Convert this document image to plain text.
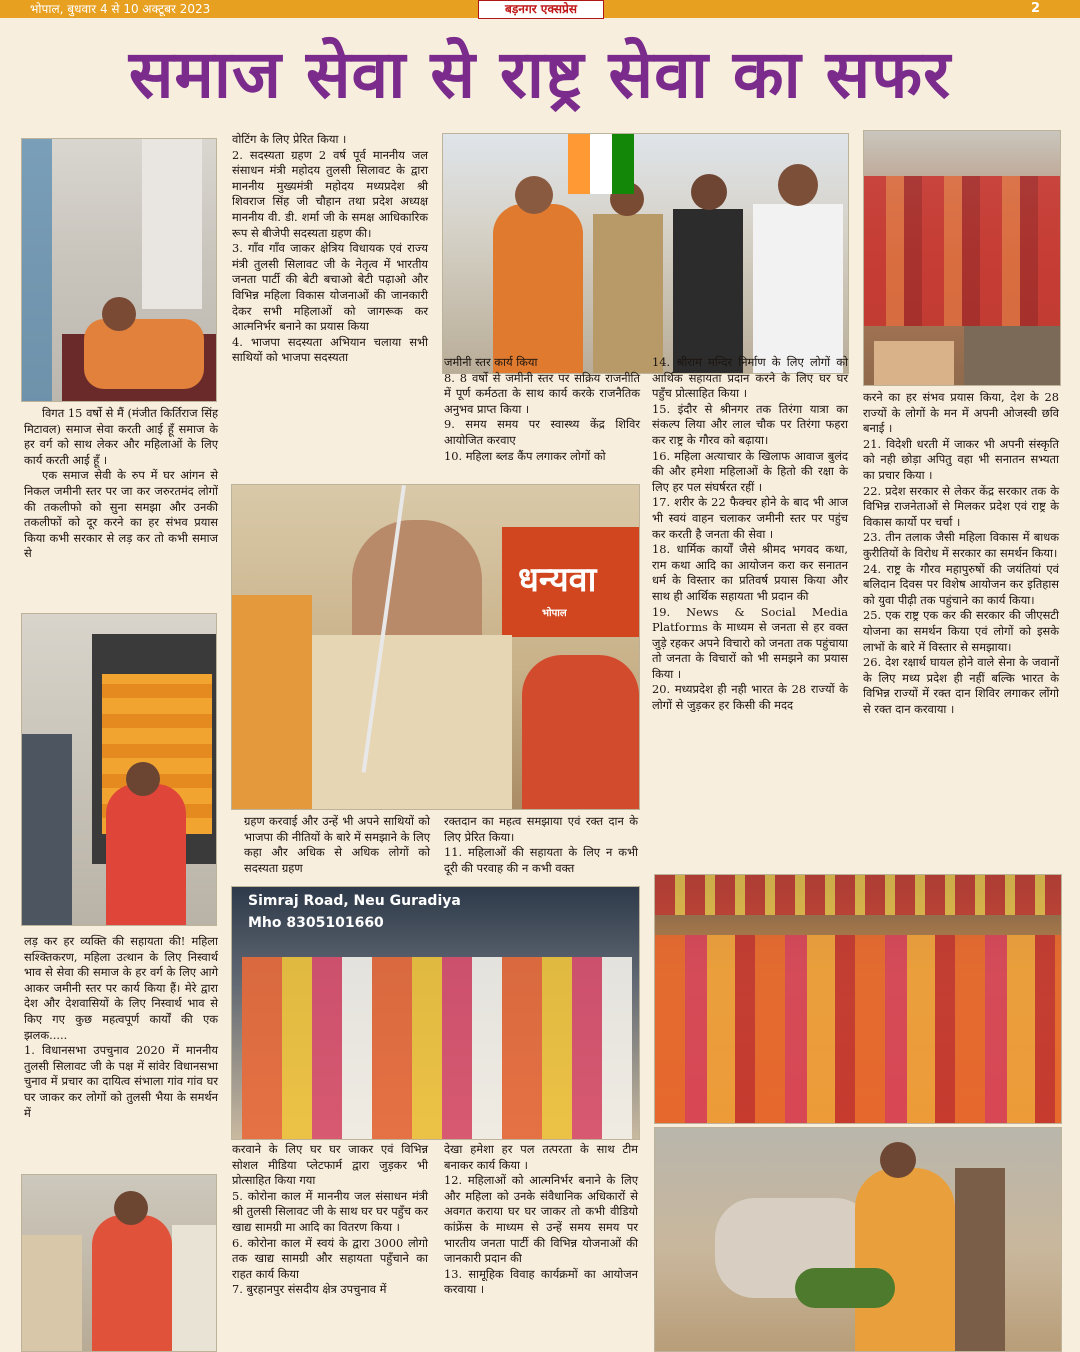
भोपाल, बुधवार 4 से 10 अक्टूबर 2023	बड़नगर एक्सप्रेस	2
समाज सेवा से राष्ट्र सेवा का सफर
धन्यवा
भोपाल
Simraj Road, Neu Guradiya
Mho 8305101660

विगत 15 वर्षो से मैं (मंजीत किर्तिराज सिंह मिटावल) समाज सेवा करती आई हूँ समाज के हर वर्ग को साथ लेकर और महिलाओं के लिए कार्य करती आई हूँ ।

एक समाज सेवी के रुप में घर आंगन से निकल जमीनी स्तर पर जा कर जरुरतमंद लोगों की तकलीफो को सुना समझा और उनकी तकलीफों को दूर करने का हर संभव प्रयास किया कभी सरकार से लड़ कर तो कभी समाज से

लड़ कर हर व्यक्ति की सहायता की! महिला सश्क्तिकरण, महिला उत्थान के लिए निस्वार्थ भाव से सेवा की समाज के हर वर्ग के लिए आगे आकर जमीनी स्तर पर कार्य किया हैं। मेरे द्वारा देश और देशवासियों के लिए निस्वार्थ भाव से किए गए कुछ महत्वपूर्ण कार्यों की एक झलक.....

1. विधानसभा उपचुनाव 2020 में माननीय तुलसी सिलावट जी के पक्ष में सांवेर विधानसभा चुनाव में प्रचार का दायित्व संभाला गांव गांव घर घर जाकर कर लोगों को तुलसी भैया के समर्थन में

वोटिंग के लिए प्रेरित किया ।

2. सदस्यता ग्रहण 2 वर्ष पूर्व माननीय जल संसाधन मंत्री महोदय तुलसी सिलावट के द्वारा माननीय मुख्यमंत्री महोदय मध्यप्रदेश श्री शिवराज सिंह जी चौहान तथा प्रदेश अध्यक्ष माननीय वी. डी. शर्मा जी के समक्ष आधिकारिक रूप से बीजेपी सदस्यता ग्रहण की।

3. गाँव गाँव जाकर क्षेत्रिय विधायक एवं राज्य मंत्री तुलसी सिलावट जी के नेतृत्व में भारतीय जनता पार्टी की बेटी बचाओ बेटी पढ़ाओ और विभिन्न महिला विकास योजनाओं की जानकारी देकर सभी महिलाओं को जागरूक कर आत्मनिर्भर बनाने का प्रयास किया

4. भाजपा सदस्यता अभियान चलाया सभी साथियों को भाजपा सदस्यता	जमीनी स्तर कार्य किया

8. 8 वर्षो से जमीनी स्तर पर सक्रिय राजनीति में पूर्ण कर्मठता के साथ कार्य करके राजनैतिक अनुभव प्राप्त किया ।

9. समय समय पर स्वास्थ्य केंद्र शिविर आयोजित करवाए

10. महिला ब्लड कैंप लगाकर लोगों को

14. श्रीराम मन्दिर निर्माण के लिए लोगों को आर्थिक सहायता प्रदान करने के लिए घर घर पहुँच प्रोत्साहित किया ।

15. इंदौर से श्रीनगर तक तिरंगा यात्रा का संकल्प लिया और लाल चौक पर तिरंगा फहरा कर राष्ट्र के गौरव को बढ़ाया।

16. महिला अत्याचार के खिलाफ आवाज बुलंद की और हमेशा महिलाओं के हितो की रक्षा के लिए हर पल संघर्षरत रहीं ।

17. शरीर के 22 फैक्चर होने के बाद भी आज भी स्वयं वाहन चलाकर जमीनी स्तर पर पहुंच कर करती है जनता की सेवा ।

18. धार्मिक कार्यों जैसे श्रीमद भगवद कथा, राम कथा आदि का आयोजन करा कर सनातन धर्म के विस्तार का प्रतिवर्ष प्रयास किया और साथ ही आर्थिक सहायता भी प्रदान की

19. News & Social Media Platforms के माध्यम से जनता से हर वक्त जुड़े रहकर अपने विचारो को जनता तक पहुंचाया तो जनता के विचारों को भी समझने का प्रयास किया ।

20. मध्यप्रदेश ही नही भारत के 28 राज्यों के लोगों से जुड़कर हर किसी की मदद

करने का हर संभव प्रयास किया, देश के 28 राज्यों के लोगों के मन में अपनी ओजस्वी छवि बनाई ।

21. विदेशी धरती में जाकर भी अपनी संस्कृति को नही छोड़ा अपितु वहा भी सनातन सभ्यता का प्रचार किया ।

22. प्रदेश सरकार से लेकर केंद्र सरकार तक के विभिन्न राजनेताओं से मिलकर प्रदेश एवं राष्ट्र के विकास कार्यो पर चर्चा ।

23. तीन तलाक जैसी महिला विकास में बाधक कुरीतियों के विरोध में सरकार का समर्थन किया।

24. राष्ट्र के गौरव महापुरुषों की जयंतियां एवं बलिदान दिवस पर विशेष आयोजन कर इतिहास को युवा पीढ़ी तक पहुंचाने का कार्य किया।

25. एक राष्ट्र एक कर की सरकार की जीएसटी योजना का समर्थन किया एवं लोगों को इसके लाभों के बारे में विस्तार से समझाया।

26. देश रक्षार्थ घायल होने वाले सेना के जवानों के लिए मध्य प्रदेश ही नहीं बल्कि भारत के विभिन्न राज्यों में रक्त दान शिविर लगाकर लोंगो से रक्त दान करवाया ।

ग्रहण करवाई और उन्हें भी अपने साथियों को भाजपा की नीतियों के बारे में समझाने के लिए कहा और अधिक से अधिक लोगों को सदस्यता ग्रहण

रक्तदान का महत्व समझाया एवं रक्त दान के लिए प्रेरित किया।

11. महिलाओं की सहायता के लिए न कभी दूरी की परवाह की न कभी वक्त

करवाने के लिए घर घर जाकर एवं विभिन्न सोशल मीडिया प्लेटफार्म द्वारा जुड़कर भी प्रोत्साहित किया गया

5. कोरोना काल में माननीय जल संसाधन मंत्री श्री तुलसी सिलावट जी के साथ घर घर पहुँच कर खाद्य सामग्री मा आदि का वितरण किया ।

6. कोरोना काल में स्वयं के द्वारा 3000 लोगो तक खाद्य सामग्री और सहायता पहुँचाने का राहत कार्य किया

7. बुरहानपुर संसदीय क्षेत्र उपचुनाव में

देखा हमेशा हर पल तत्परता के साथ टीम बनाकर कार्य किया ।

12. महिलाओं को आत्मनिर्भर बनाने के लिए और महिला को उनके संवैधानिक अधिकारों से अवगत कराया घर घर जाकर तो कभी वीडियो कांफ्रेंस के माध्यम से उन्हें समय समय पर भारतीय जनता पार्टी की विभिन्न योजनाओं की जानकारी प्रदान की

13. सामूहिक विवाह कार्यक्रमों का आयोजन करवाया ।
